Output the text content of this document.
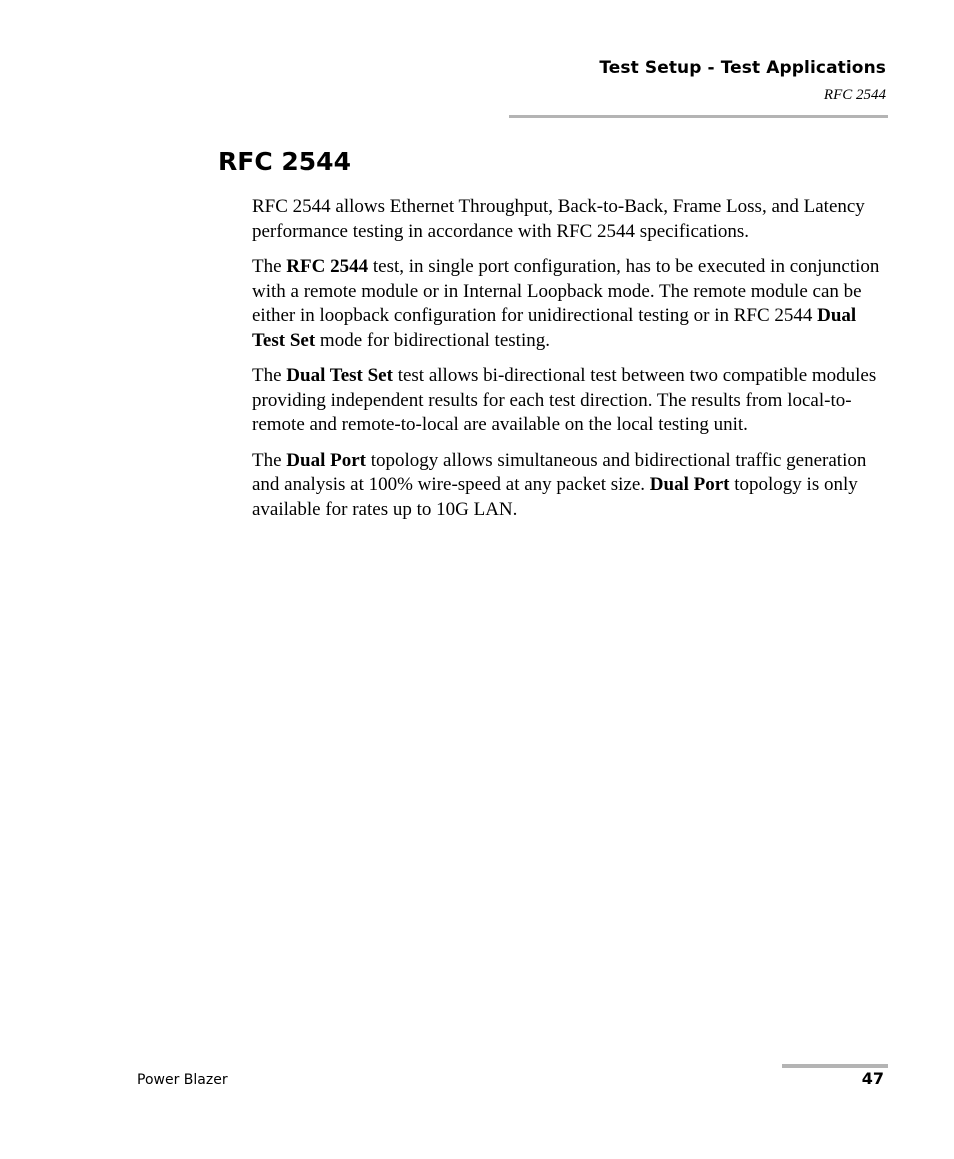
Test Setup - Test Applications
RFC 2544
RFC 2544

RFC 2544 allows Ethernet Throughput, Back-to-Back, Frame Loss, and Latency performance testing in accordance with RFC 2544 specifications.

The RFC 2544 test, in single port configuration, has to be executed in conjunction with a remote module or in Internal Loopback mode. The remote module can be either in loopback configuration for unidirectional testing or in RFC 2544 Dual Test Set mode for bidirectional testing.

The Dual Test Set test allows bi-directional test between two compatible modules providing independent results for each test direction. The results from local-to-remote and remote-to-local are available on the local testing unit.

The Dual Port topology allows simultaneous and bidirectional traffic generation and analysis at 100% wire-speed at any packet size. Dual Port topology is only available for rates up to 10G LAN.

Power Blazer	47
